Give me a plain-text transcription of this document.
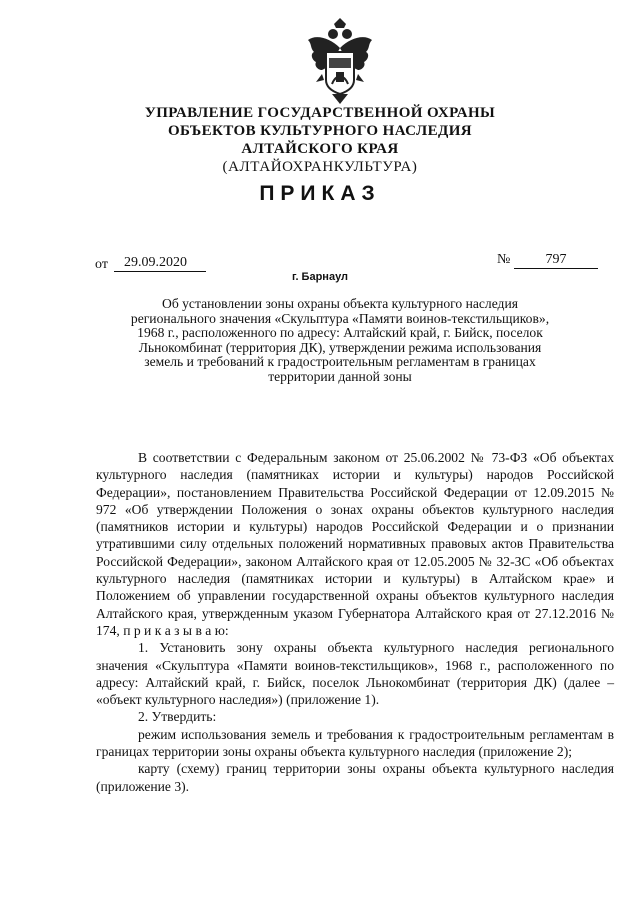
УПРАВЛЕНИЕ ГОСУДАРСТВЕННОЙ ОХРАНЫ
ОБЪЕКТОВ КУЛЬТУРНОГО НАСЛЕДИЯ
АЛТАЙСКОГО КРАЯ
(АЛТАЙОХРАНКУЛЬТУРА)
ПРИКАЗ
от	29.09.2020	№	797
г. Барнаул
Об установлении зоны охраны объекта культурного наследия регионального значения «Скульптура «Памяти воинов-текстильщиков», 1968 г., расположенного по адресу: Алтайский край, г. Бийск, поселок Льнокомбинат (территория ДК), утверждении режима использования земель и требований к градостроительным регламентам в границах территории данной зоны

В соответствии с Федеральным законом от 25.06.2002 № 73-ФЗ «Об объектах культурного наследия (памятниках истории и культуры) народов Российской Федерации», постановлением Правительства Российской Федерации от 12.09.2015 № 972 «Об утверждении Положения о зонах охраны объектов культурного наследия (памятников истории и культуры) народов Российской Федерации и о признании утратившими силу отдельных положений нормативных правовых актов Правительства Российской Федерации», законом Алтайского края от 12.05.2005 № 32-ЗС «Об объектах культурного наследия (памятниках истории и культуры) в Алтайском крае» и Положением об управлении государственной охраны объектов культурного наследия Алтайского края, утвержденным указом Губернатора Алтайского края от 27.12.2016 № 174, п р и к а з ы в а ю:

1. Установить зону охраны объекта культурного наследия регионального значения «Скульптура «Памяти воинов-текстильщиков», 1968 г., расположенного по адресу: Алтайский край, г. Бийск, поселок Льнокомбинат (территория ДК) (далее – «объект культурного наследия») (приложение 1).

2. Утвердить:

режим использования земель и требования к градостроительным регламентам в границах территории зоны охраны объекта культурного наследия (приложение 2);

карту (схему) границ территории зоны охраны объекта культурного наследия (приложение 3).
